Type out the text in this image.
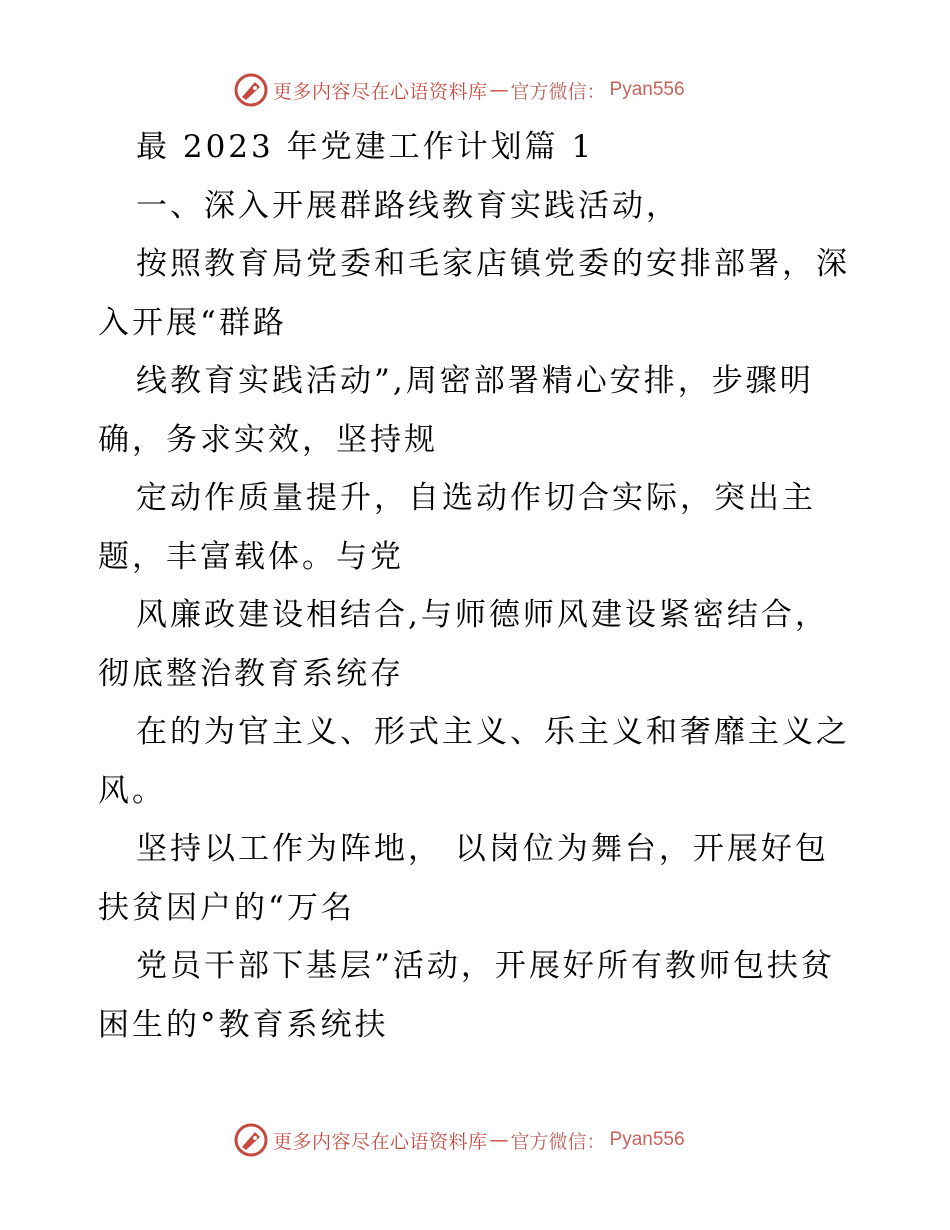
更多内容尽在心语资料库 — 官方微信： Pyan556
最 2023 年党建工作计划篇 1
一、深入开展群路线教育实践活动，
按照教育局党委和毛家店镇党委的安排部署，深
入开展“群路
线教育实践活动”,周密部署精心安排，步骤明
确，务求实效，坚持规
定动作质量提升，自选动作切合实际，突出主
题，丰富载体。与党
风廉政建设相结合,与师德师风建设紧密结合，
彻底整治教育系统存
在的为官主义、形式主义、乐主义和奢靡主义之
风。
坚持以工作为阵地， 以岗位为舞台，开展好包
扶贫因户的“万名
党员干部下基层”活动，开展好所有教师包扶贫
困生的°教育系统扶
更多内容尽在心语资料库 — 官方微信： Pyan556
